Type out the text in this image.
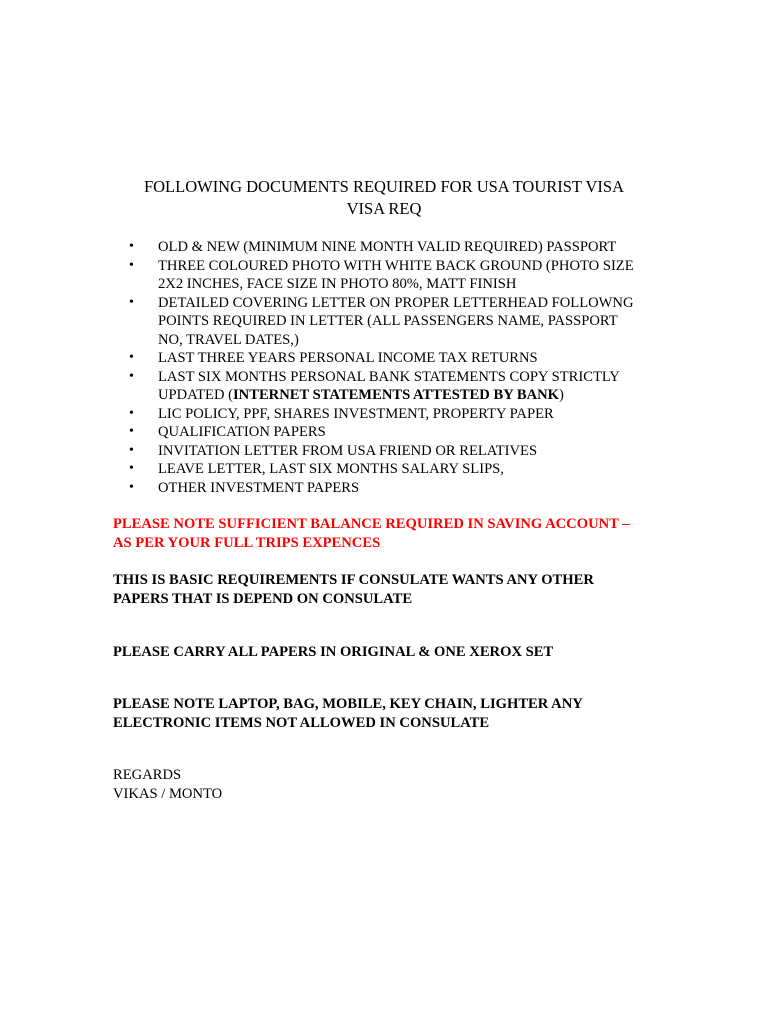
FOLLOWING DOCUMENTS REQUIRED FOR USA TOURIST VISA
VISA REQ
• OLD & NEW (MINIMUM NINE MONTH VALID REQUIRED) PASSPORT
• THREE COLOURED PHOTO WITH WHITE BACK GROUND (PHOTO SIZE
2X2 INCHES, FACE SIZE IN PHOTO 80%, MATT FINISH
• DETAILED COVERING LETTER ON PROPER LETTERHEAD FOLLOWNG
POINTS REQUIRED IN LETTER (ALL PASSENGERS NAME, PASSPORT
NO, TRAVEL DATES,)
• LAST THREE YEARS PERSONAL INCOME TAX RETURNS
• LAST SIX MONTHS PERSONAL BANK STATEMENTS COPY STRICTLY
UPDATED (INTERNET STATEMENTS ATTESTED BY BANK)
• LIC POLICY, PPF, SHARES INVESTMENT, PROPERTY PAPER
• QUALIFICATION PAPERS
• INVITATION LETTER FROM USA FRIEND OR RELATIVES
• LEAVE LETTER, LAST SIX MONTHS SALARY SLIPS,
• OTHER INVESTMENT PAPERS
PLEASE NOTE SUFFICIENT BALANCE REQUIRED IN SAVING ACCOUNT –
AS PER YOUR FULL TRIPS EXPENCES
THIS IS BASIC REQUIREMENTS IF CONSULATE WANTS ANY OTHER
PAPERS THAT IS DEPEND ON CONSULATE
PLEASE CARRY ALL PAPERS IN ORIGINAL & ONE XEROX SET
PLEASE NOTE LAPTOP, BAG, MOBILE, KEY CHAIN, LIGHTER ANY
ELECTRONIC ITEMS NOT ALLOWED IN CONSULATE
REGARDS
VIKAS / MONTO
